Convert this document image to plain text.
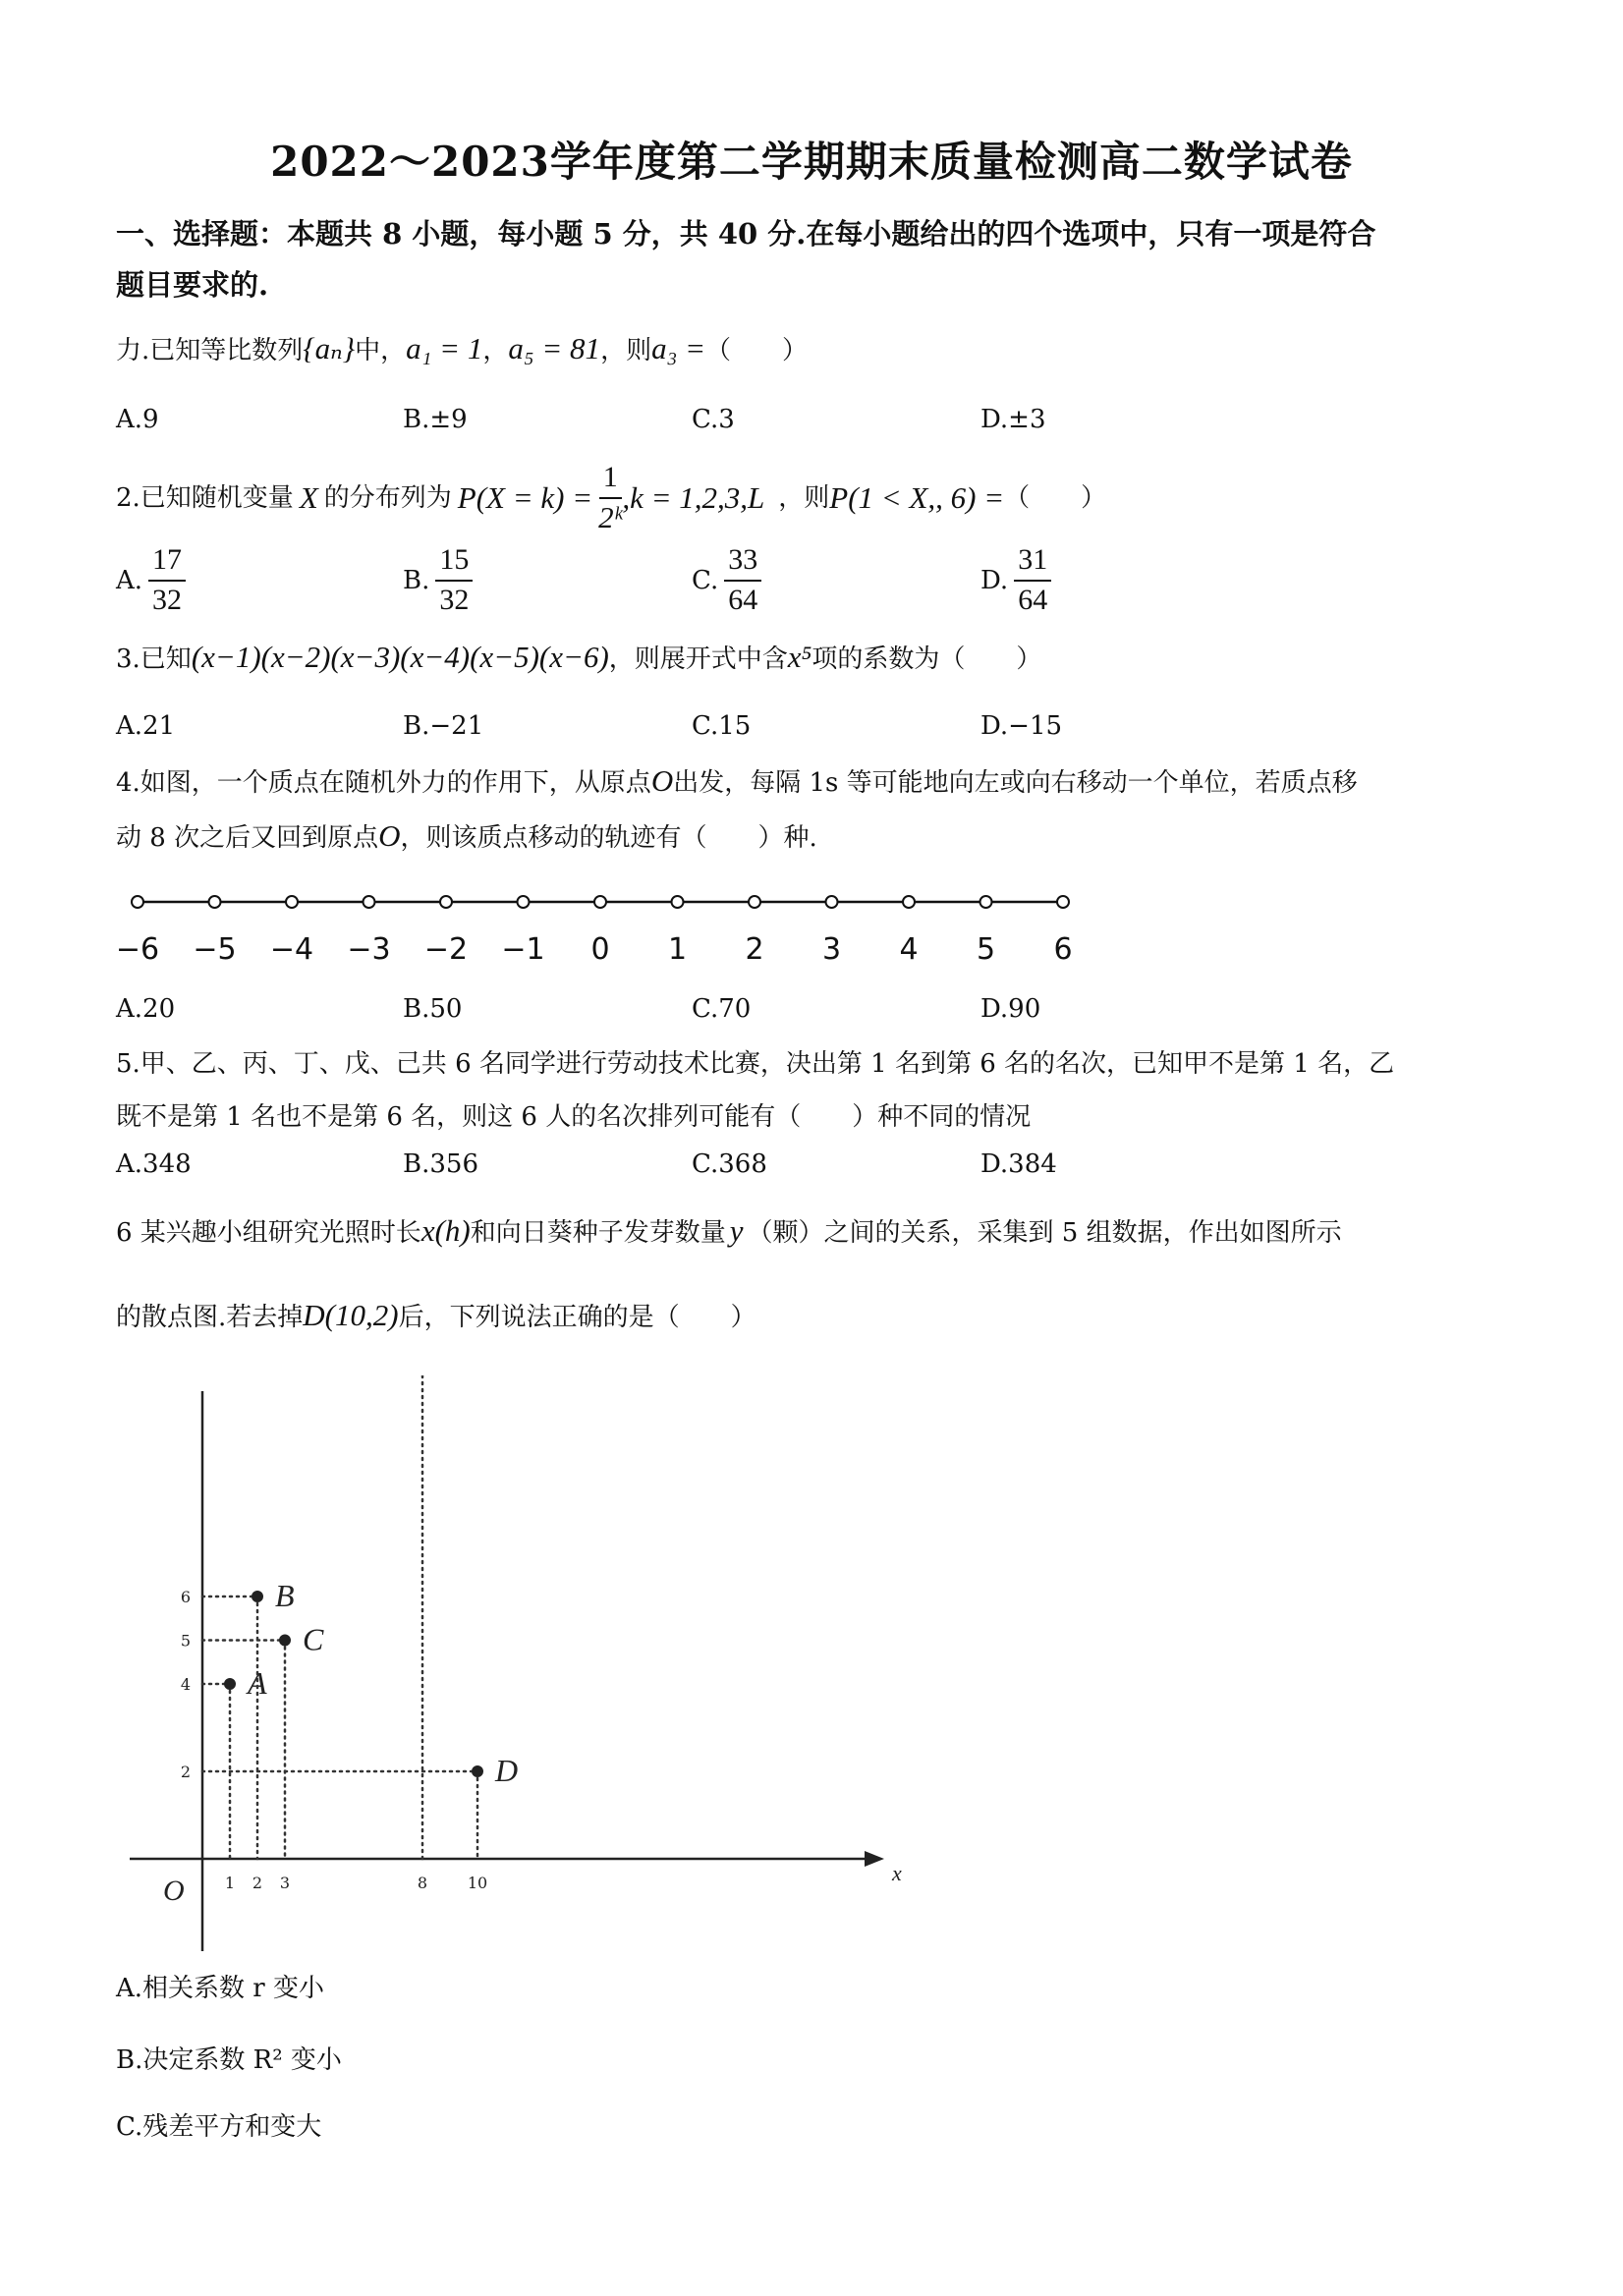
2022～2023学年度第二学期期末质量检测高二数学试卷
一、选择题：本题共 8 小题，每小题 5 分，共 40 分.在每小题给出的四个选项中，只有一项是符合
题目要求的.
力.已知等比数列{aₙ}中，a₁ = 1，a₅ = 81，则a₃ =（　　）
A.9	B.±9	C.3	D.±3
2.已知随机变量 X 的分布列为 $P(X = k) = \frac{1}{\text{2ᵏ}} ,k = 1,2,3,L$ ，则 P(1 < X,, 6) = （　　）
A. $\frac{17}{32}$	B. $\frac{15}{32}$	C. $\frac{33}{64}$	D. $\frac{31}{64}$
3.已知(x−1)(x−2)(x−3)(x−4)(x−5)(x−6)，则展开式中含x⁵项的系数为（　　）
A.21	B.−21	C.15	D.−15
4.如图，一个质点在随机外力的作用下，从原点O出发，每隔 1s 等可能地向左或向右移动一个单位，若质点移
动 8 次之后又回到原点O，则该质点移动的轨迹有（　　）种.
−6 −5 −4 −3 −2 −1 0 1 2 3 4 5 6
A.20	B.50	C.70	D.90
5.甲、乙、丙、丁、戊、己共 6 名同学进行劳动技术比赛，决出第 1 名到第 6 名的名次，已知甲不是第 1 名，乙
既不是第 1 名也不是第 6 名，则这 6 人的名次排列可能有（　　）种不同的情况
A.348	B.356	C.368	D.384
6 某兴趣小组研究光照时长x(h)和向日葵种子发芽数量 y （颗）之间的关系，采集到 5 组数据，作出如图所示
的散点图.若去掉D(10,2)后，下列说法正确的是（　　）
O
x
1 2 3	8	10
2
4
5
6
A
B
C
D
A.相关系数 r 变小
B.决定系数 R² 变小
C.残差平方和变大
